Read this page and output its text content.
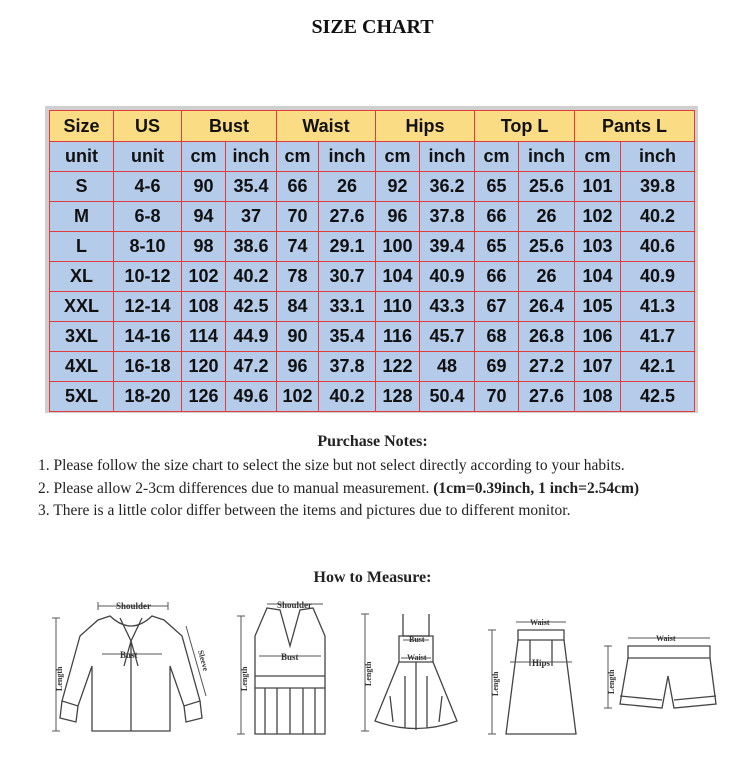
SIZE CHART
Size	US	Bust		Waist		Hips		Top L		Pants L	
unit	unit	cm	inch	cm	inch	cm	inch	cm	inch	cm	inch
S	4-6	90	35.4	66	26	92	36.2	65	25.6	101	39.8
M	6-8	94	37	70	27.6	96	37.8	66	26	102	40.2
L	8-10	98	38.6	74	29.1	100	39.4	65	25.6	103	40.6
XL	10-12	102	40.2	78	30.7	104	40.9	66	26	104	40.9
XXL	12-14	108	42.5	84	33.1	110	43.3	67	26.4	105	41.3
3XL	14-16	114	44.9	90	35.4	116	45.7	68	26.8	106	41.7
4XL	16-18	120	47.2	96	37.8	122	48	69	27.2	107	42.1
5XL	18-20	126	49.6	102	40.2	128	50.4	70	27.6	108	42.5
Purchase Notes:
1. Please follow the size chart to select the size but not select directly according to your habits.
2. Please allow 2-3cm differences due to manual measurement. (1cm=0.39inch, 1 inch=2.54cm)
3. There is a little color differ between the items and pictures due to different monitor.
How to Measure:
Shoulder
Bust	Sleeve
Length
Shoulder
Bust
Length
Bust
Waist
Length
Waist
Hips
Length
Waist
Length
